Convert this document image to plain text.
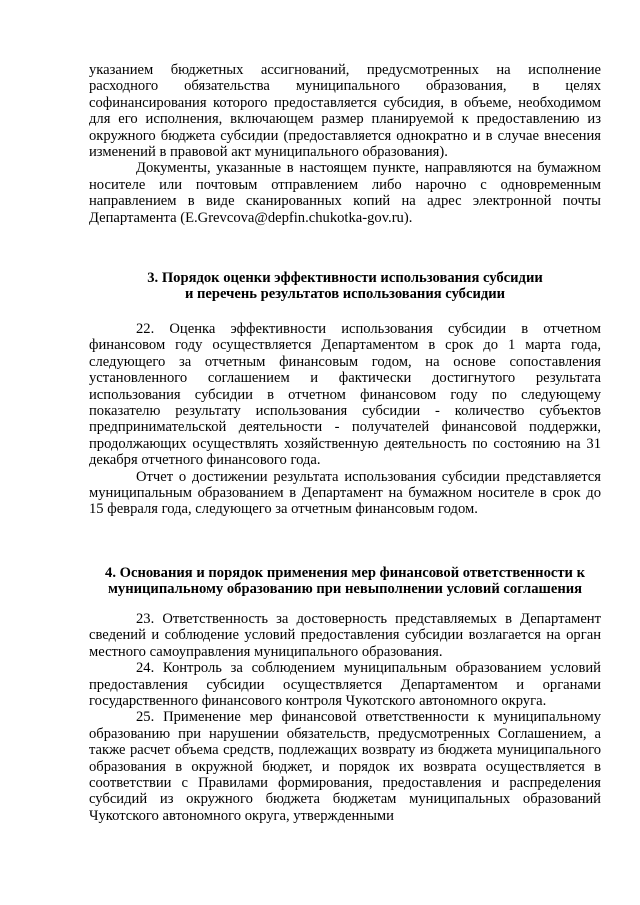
указанием бюджетных ассигнований, предусмотренных на исполнение расходного обязательства муниципального образования, в целях софинансирования которого предоставляется субсидия, в объеме, необходимом для его исполнения, включающем размер планируемой к предоставлению из окружного бюджета субсидии (предоставляется однократно и в случае внесения изменений в правовой акт муниципального образования).

Документы, указанные в настоящем пункте, направляются на бумажном носителе или почтовым отправлением либо нарочно с одновременным направлением в виде сканированных копий на адрес электронной почты Департамента (E.Grevcova@depfin.chukotka-gov.ru).

3. Порядок оценки эффективности использования субсидии
и перечень результатов использования субсидии

22. Оценка эффективности использования субсидии в отчетном финансовом году осуществляется Департаментом в срок до 1 марта года, следующего за отчетным финансовым годом, на основе сопоставления установленного соглашением и фактически достигнутого результата использования субсидии в отчетном финансовом году по следующему показателю результату использования субсидии - количество субъектов предпринимательской деятельности - получателей финансовой поддержки, продолжающих осуществлять хозяйственную деятельность по состоянию на 31 декабря отчетного финансового года.

Отчет о достижении результата использования субсидии представляется муниципальным образованием в Департамент на бумажном носителе в срок до 15 февраля года, следующего за отчетным финансовым годом.

4. Основания и порядок применения мер финансовой ответственности к
муниципальному образованию при невыполнении условий соглашения

23. Ответственность за достоверность представляемых в Департамент сведений и соблюдение условий предоставления субсидии возлагается на орган местного самоуправления муниципального образования.

24. Контроль за соблюдением муниципальным образованием условий предоставления субсидии осуществляется Департаментом и органами государственного финансового контроля Чукотского автономного округа.

25. Применение мер финансовой ответственности к муниципальному образованию при нарушении обязательств, предусмотренных Соглашением, а также расчет объема средств, подлежащих возврату из бюджета муниципального образования в окружной бюджет, и порядок их возврата осуществляется в соответствии с Правилами формирования, предоставления и распределения субсидий из окружного бюджета бюджетам муниципальных образований Чукотского автономного округа, утвержденными
